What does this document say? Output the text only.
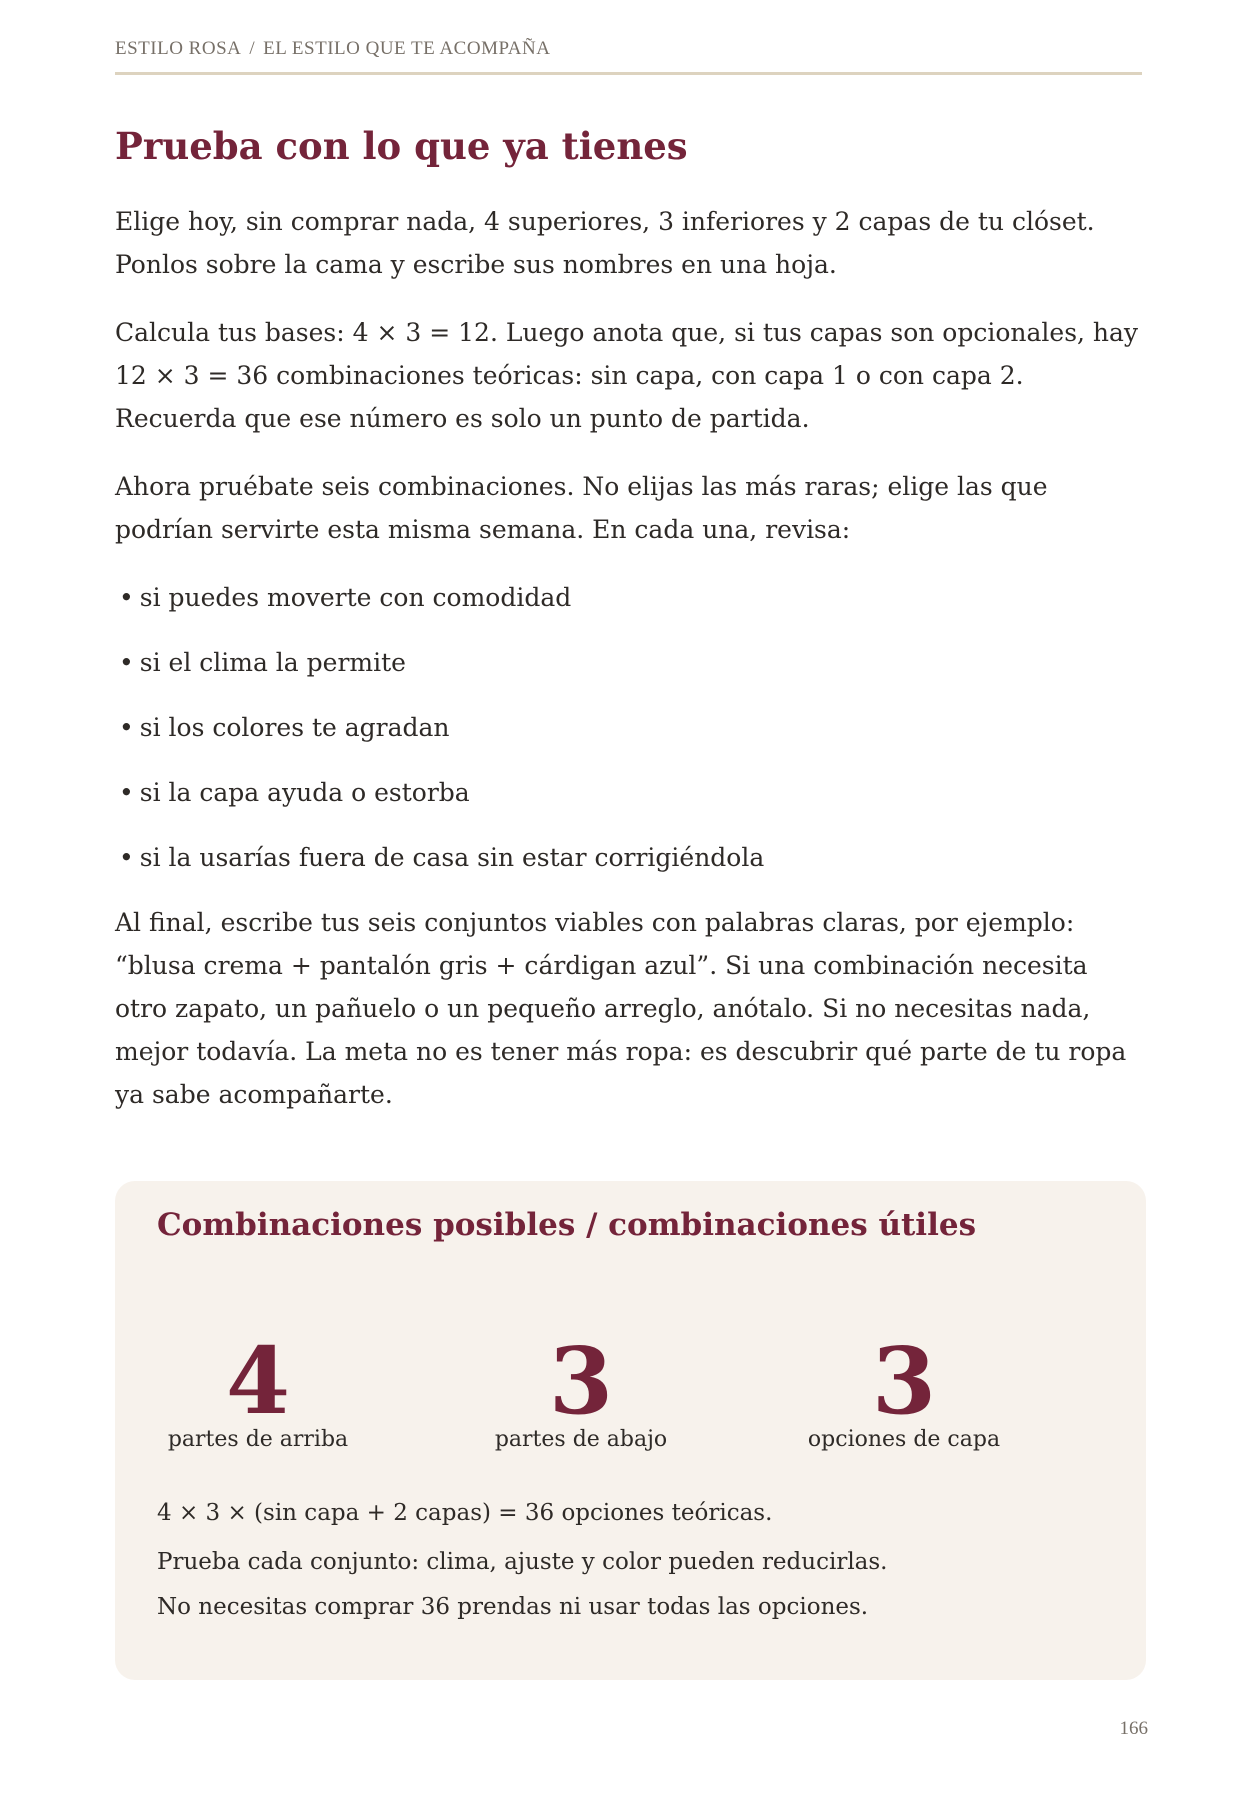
ESTILO ROSA / EL ESTILO QUE TE ACOMPAÑA
Prueba con lo que ya tienes

Elige hoy, sin comprar nada, 4 superiores, 3 inferiores y 2 capas de tu clóset. Ponlos sobre la cama y escribe sus nombres en una hoja.

Calcula tus bases: 4 × 3 = 12. Luego anota que, si tus capas son opcionales, hay 12 × 3 = 36 combinaciones teóricas: sin capa, con capa 1 o con capa 2. Recuerda que ese número es solo un punto de partida.

Ahora pruébate seis combinaciones. No elijas las más raras; elige las que podrían servirte esta misma semana. En cada una, revisa:

• si puedes moverte con comodidad
• si el clima la permite
• si los colores te agradan
• si la capa ayuda o estorba
• si la usarías fuera de casa sin estar corrigiéndola

Al final, escribe tus seis conjuntos viables con palabras claras, por ejemplo: “blusa crema + pantalón gris + cárdigan azul”. Si una combinación necesita otro zapato, un pañuelo o un pequeño arreglo, anótalo. Si no necesitas nada, mejor todavía. La meta no es tener más ropa: es descubrir qué parte de tu ropa ya sabe acompañarte.

Combinaciones posibles / combinaciones útiles
4
partes de arriba
3
partes de abajo
3
opciones de capa

4 × 3 × (sin capa + 2 capas) = 36 opciones teóricas.

Prueba cada conjunto: clima, ajuste y color pueden reducirlas.

No necesitas comprar 36 prendas ni usar todas las opciones.

166
